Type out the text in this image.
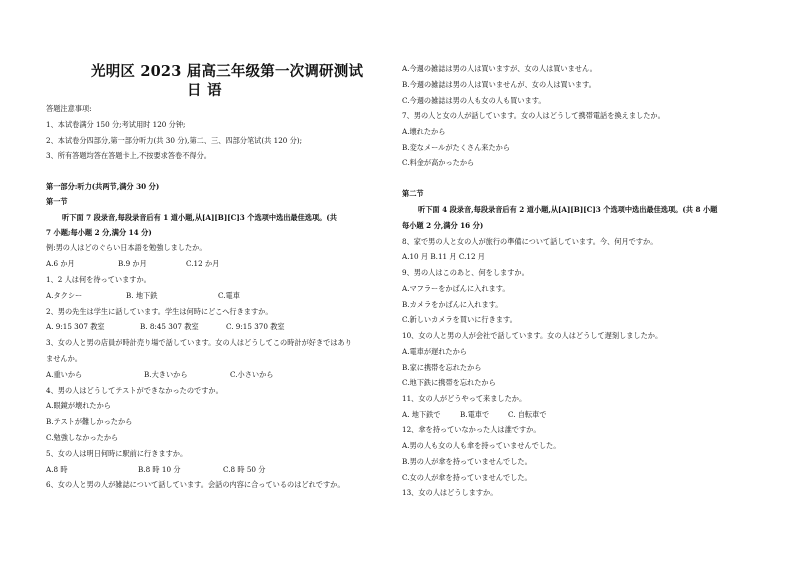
光明区 2023 届高三年级第一次调研测试
日 语
答题注意事项:
1、本试卷满分 150 分;考试用时 120 分钟;
2、本试卷分四部分,第一部分听力(共 30 分),第二、三、四部分笔试(共 120 分);
3、所有答题均答在答题卡上,不按要求答卷不得分。
第一部分:听力(共两节,满分 30 分)
第一节
听下面 7 段录音,每段录音后有 1 道小题,从[A][B][C]3 个选项中选出最佳选项。(共
7 小题;每小题 2 分,满分 14 分)
例:男の人はどのぐらい日本語を勉強しましたか。
A.6 か月	B.9 か月	C.12 か月
1、2 人は何を待っていますか。
A.タクシー	B. 地下鉄	C.電車
2、男の先生は学生に話しています。学生は何時にどこへ行きますか。
A. 9:15 307 教室	B. 8:45 307 教室	C. 9:15 370 教室
3、女の人と男の店員が時計売り場で話しています。女の人はどうしてこの時計が好きではあり
ませんか。
A.重いから	B.大きいから	C.小さいから
4、男の人はどうしてテストができなかったのですか。
A.眼鏡が壊れたから
B.テストが難しかったから
C.勉強しなかったから
5、女の人は明日何時に駅前に行きますか。
A.8 時	B.8 時 10 分	C.8 時 50 分
6、女の人と男の人が雑誌について話しています。会話の内容に合っているのはどれですか。
A.今週の雑誌は男の人は買いますが、女の人は買いません。
B.今週の雑誌は男の人は買いませんが、女の人は買います。
C.今週の雑誌は男の人も女の人も買います。
7、男の人と女の人が話しています。女の人はどうして携帯電話を換えましたか。
A.壊れたから
B.変なメールがたくさん来たから
C.料金が高かったから
第二节
听下面 4 段录音,每段录音后有 2 道小题,从[A][B][C]3 个选项中选出最佳选项。(共 8 小题
每小题 2 分,满分 16 分)
8、家で男の人と女の人が旅行の準備について話しています。今、何月ですか。
A.10 月 B.11 月 C.12 月
9、男の人はこのあと、何をしますか。
A.マフラーをかばんに入れます。
B.カメラをかばんに入れます。
C.新しいカメラを買いに行きます。
10、女の人と男の人が会社で話しています。女の人はどうして遅刻しましたか。
A.電車が遅れたから
B.家に携帯を忘れたから
C.地下鉄に携帯を忘れたから
11、女の人がどうやって来ましたか。
A. 地下鉄で	B.電車で	C. 自転車で
12、傘を持っていなかった人は誰ですか。
A.男の人も女の人も傘を持っていませんでした。
B.男の人が傘を持っていませんでした。
C.女の人が傘を持っていませんでした。
13、女の人はどうしますか。
